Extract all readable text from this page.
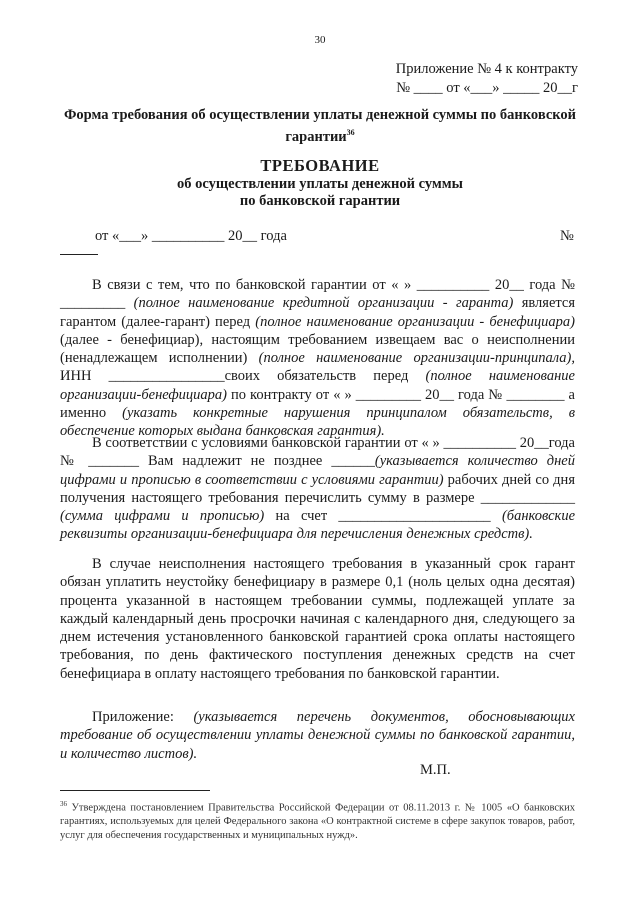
30
Приложение № 4 к контракту
№ ____ от «___» _____ 20__г
Форма требования об осуществлении уплаты денежной суммы по банковской гарантии$^{36}$
ТРЕБОВАНИЕ
об осуществлении уплаты денежной суммы
по банковской гарантии
от «___» __________ 20__ года	№
В связи с тем, что по банковской гарантии от « » __________ 20__ года № _________ (полное наименование кредитной организации - гаранта) является гарантом (далее-гарант) перед (полное наименование организации - бенефициара) (далее - бенефициар), настоящим требованием извещаем вас о неисполнении (ненадлежащем исполнении) (полное наименование организации-принципала), ИНН ________________своих обязательств перед (полное наименование организации-бенефициара) по контракту от « » _________ 20__ года № ________ а именно (указать конкретные нарушения принципалом обязательств, в обеспечение которых выдана банковская гарантия).
В соответствии с условиями банковской гарантии от « » __________ 20__года № _______ Вам надлежит не позднее ______(указывается количество дней цифрами и прописью в соответствии с условиями гарантии) рабочих дней со дня получения настоящего требования перечислить сумму в размере _____________ (сумма цифрами и прописью) на счет _____________________ (банковские реквизиты организации-бенефициара для перечисления денежных средств).
В случае неисполнения настоящего требования в указанный срок гарант обязан уплатить неустойку бенефициару в размере 0,1 (ноль целых одна десятая) процента указанной в настоящем требовании суммы, подлежащей уплате за каждый календарный день просрочки начиная с календарного дня, следующего за днем истечения установленного банковской гарантией срока оплаты настоящего требования, по день фактического поступления денежных средств на счет бенефициара в оплату настоящего требования по банковской гарантии.
Приложение: (указывается перечень документов, обосновывающих требование об осуществлении уплаты денежной суммы по банковской гарантии, и количество листов).
М.П.
$^{36}$ Утверждена постановлением Правительства Российской Федерации от 08.11.2013 г. № 1005 «О банковских гарантиях, используемых для целей Федерального закона «О контрактной системе в сфере закупок товаров, работ, услуг для обеспечения государственных и муниципальных нужд».
